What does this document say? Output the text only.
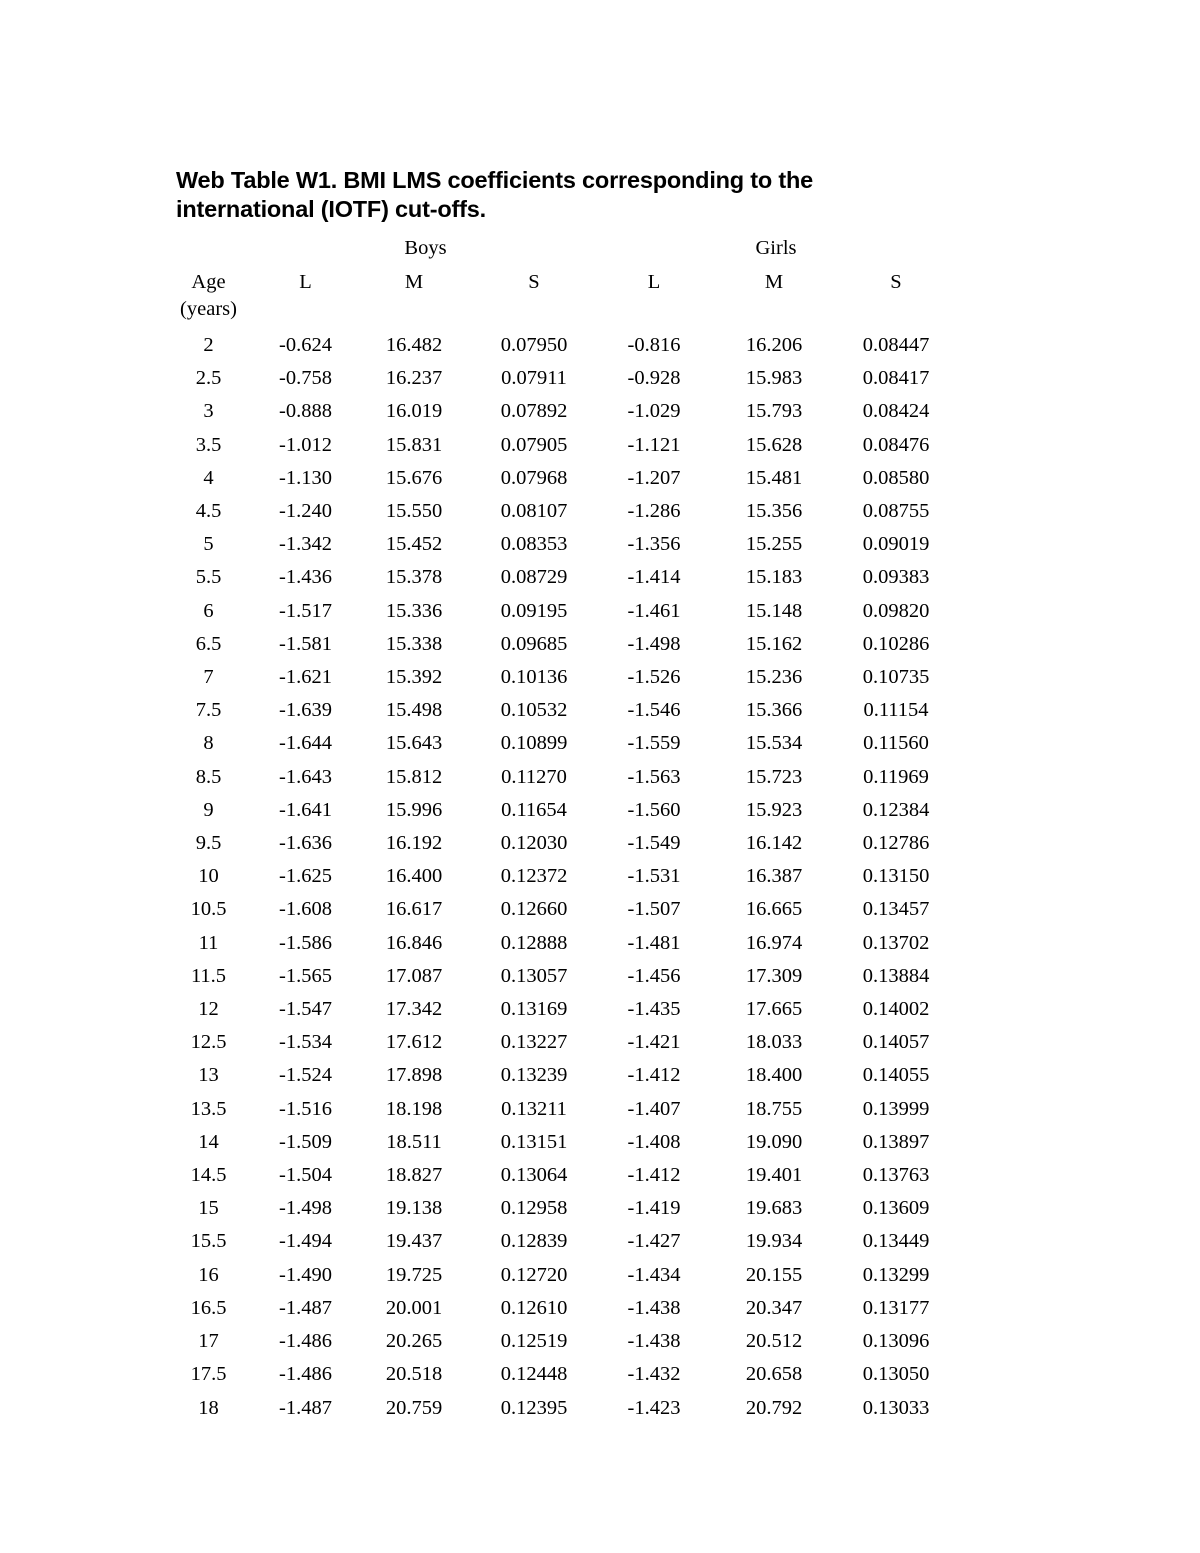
Web Table W1. BMI LMS coefficients corresponding to the
international (IOTF) cut-offs.
	Boys			Girls		
Age
(years)	L	M	S	L	M	S
2	-0.624	16.482	0.07950	-0.816	16.206	0.08447
2.5	-0.758	16.237	0.07911	-0.928	15.983	0.08417
3	-0.888	16.019	0.07892	-1.029	15.793	0.08424
3.5	-1.012	15.831	0.07905	-1.121	15.628	0.08476
4	-1.130	15.676	0.07968	-1.207	15.481	0.08580
4.5	-1.240	15.550	0.08107	-1.286	15.356	0.08755
5	-1.342	15.452	0.08353	-1.356	15.255	0.09019
5.5	-1.436	15.378	0.08729	-1.414	15.183	0.09383
6	-1.517	15.336	0.09195	-1.461	15.148	0.09820
6.5	-1.581	15.338	0.09685	-1.498	15.162	0.10286
7	-1.621	15.392	0.10136	-1.526	15.236	0.10735
7.5	-1.639	15.498	0.10532	-1.546	15.366	0.11154
8	-1.644	15.643	0.10899	-1.559	15.534	0.11560
8.5	-1.643	15.812	0.11270	-1.563	15.723	0.11969
9	-1.641	15.996	0.11654	-1.560	15.923	0.12384
9.5	-1.636	16.192	0.12030	-1.549	16.142	0.12786
10	-1.625	16.400	0.12372	-1.531	16.387	0.13150
10.5	-1.608	16.617	0.12660	-1.507	16.665	0.13457
11	-1.586	16.846	0.12888	-1.481	16.974	0.13702
11.5	-1.565	17.087	0.13057	-1.456	17.309	0.13884
12	-1.547	17.342	0.13169	-1.435	17.665	0.14002
12.5	-1.534	17.612	0.13227	-1.421	18.033	0.14057
13	-1.524	17.898	0.13239	-1.412	18.400	0.14055
13.5	-1.516	18.198	0.13211	-1.407	18.755	0.13999
14	-1.509	18.511	0.13151	-1.408	19.090	0.13897
14.5	-1.504	18.827	0.13064	-1.412	19.401	0.13763
15	-1.498	19.138	0.12958	-1.419	19.683	0.13609
15.5	-1.494	19.437	0.12839	-1.427	19.934	0.13449
16	-1.490	19.725	0.12720	-1.434	20.155	0.13299
16.5	-1.487	20.001	0.12610	-1.438	20.347	0.13177
17	-1.486	20.265	0.12519	-1.438	20.512	0.13096
17.5	-1.486	20.518	0.12448	-1.432	20.658	0.13050
18	-1.487	20.759	0.12395	-1.423	20.792	0.13033
